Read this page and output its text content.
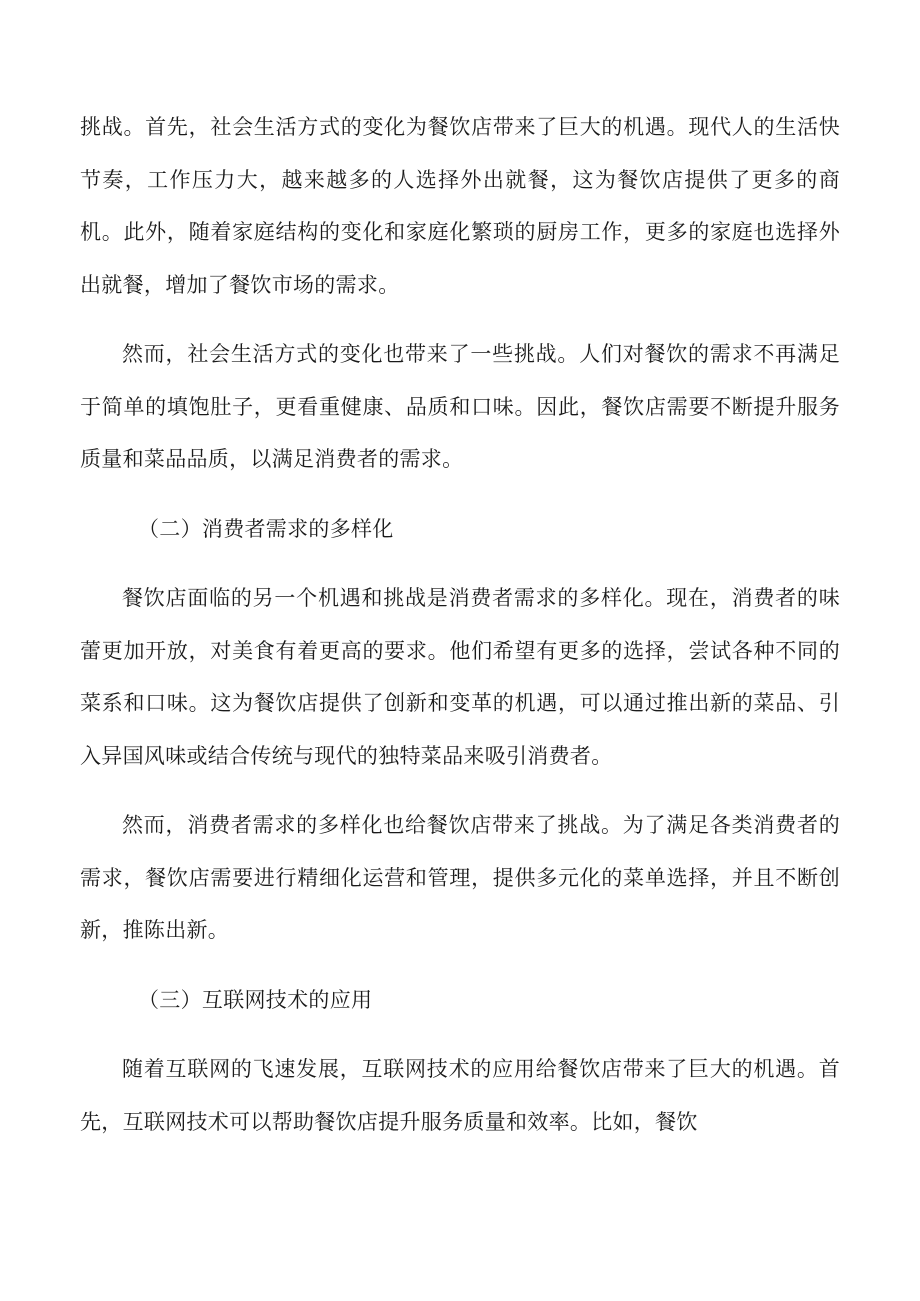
挑战。首先，社会生活方式的变化为餐饮店带来了巨大的机遇。现代人的生活快节奏，工作压力大，越来越多的人选择外出就餐，这为餐饮店提供了更多的商机。此外，随着家庭结构的变化和家庭化繁琐的厨房工作，更多的家庭也选择外出就餐，增加了餐饮市场的需求。

然而，社会生活方式的变化也带来了一些挑战。人们对餐饮的需求不再满足于简单的填饱肚子，更看重健康、品质和口味。因此，餐饮店需要不断提升服务质量和菜品品质，以满足消费者的需求。

（二）消费者需求的多样化

餐饮店面临的另一个机遇和挑战是消费者需求的多样化。现在，消费者的味蕾更加开放，对美食有着更高的要求。他们希望有更多的选择，尝试各种不同的菜系和口味。这为餐饮店提供了创新和变革的机遇，可以通过推出新的菜品、引入异国风味或结合传统与现代的独特菜品来吸引消费者。

然而，消费者需求的多样化也给餐饮店带来了挑战。为了满足各类消费者的需求，餐饮店需要进行精细化运营和管理，提供多元化的菜单选择，并且不断创新，推陈出新。

（三）互联网技术的应用

随着互联网的飞速发展，互联网技术的应用给餐饮店带来了巨大的机遇。首先，互联网技术可以帮助餐饮店提升服务质量和效率。比如，餐饮
